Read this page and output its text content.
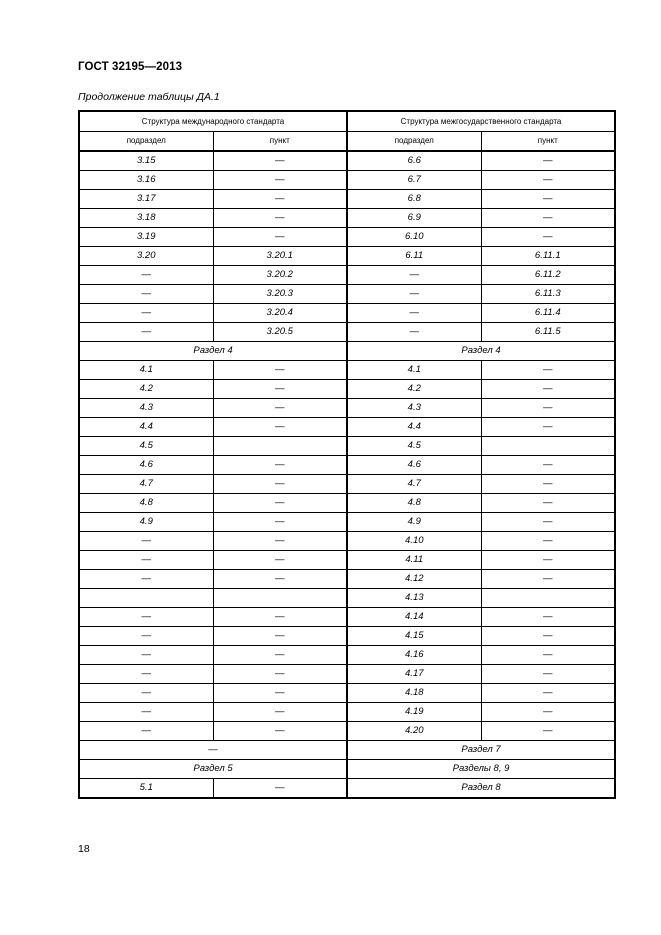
ГОСТ 32195—2013
Продолжение таблицы ДА.1
Структура международного стандарта		Структура межгосударственного стандарта	
подраздел	пункт	подраздел	пункт
3.15	—	6.6	—
3.16	—	6.7	—
3.17	—	6.8	—
3.18	—	6.9	—
3.19	—	6.10	—
3.20	3.20.1	6.11	6.11.1
—	3.20.2	—	6.11.2
—	3.20.3	—	6.11.3
—	3.20.4	—	6.11.4
—	3.20.5	—	6.11.5
Раздел 4		Раздел 4	
4.1	—	4.1	—
4.2	—	4.2	—
4.3	—	4.3	—
4.4	—	4.4	—
4.5		4.5	
4.6	—	4.6	—
4.7	—	4.7	—
4.8	—	4.8	—
4.9	—	4.9	—
—	—	4.10	—
—	—	4.11	—
—	—	4.12	—
		4.13	
—	—	4.14	—
—	—	4.15	—
—	—	4.16	—
—	—	4.17	—
—	—	4.18	—
—	—	4.19	—
—	—	4.20	—
—		Раздел 7	
Раздел 5		Разделы 8, 9	
5.1	—	Раздел 8	
18
